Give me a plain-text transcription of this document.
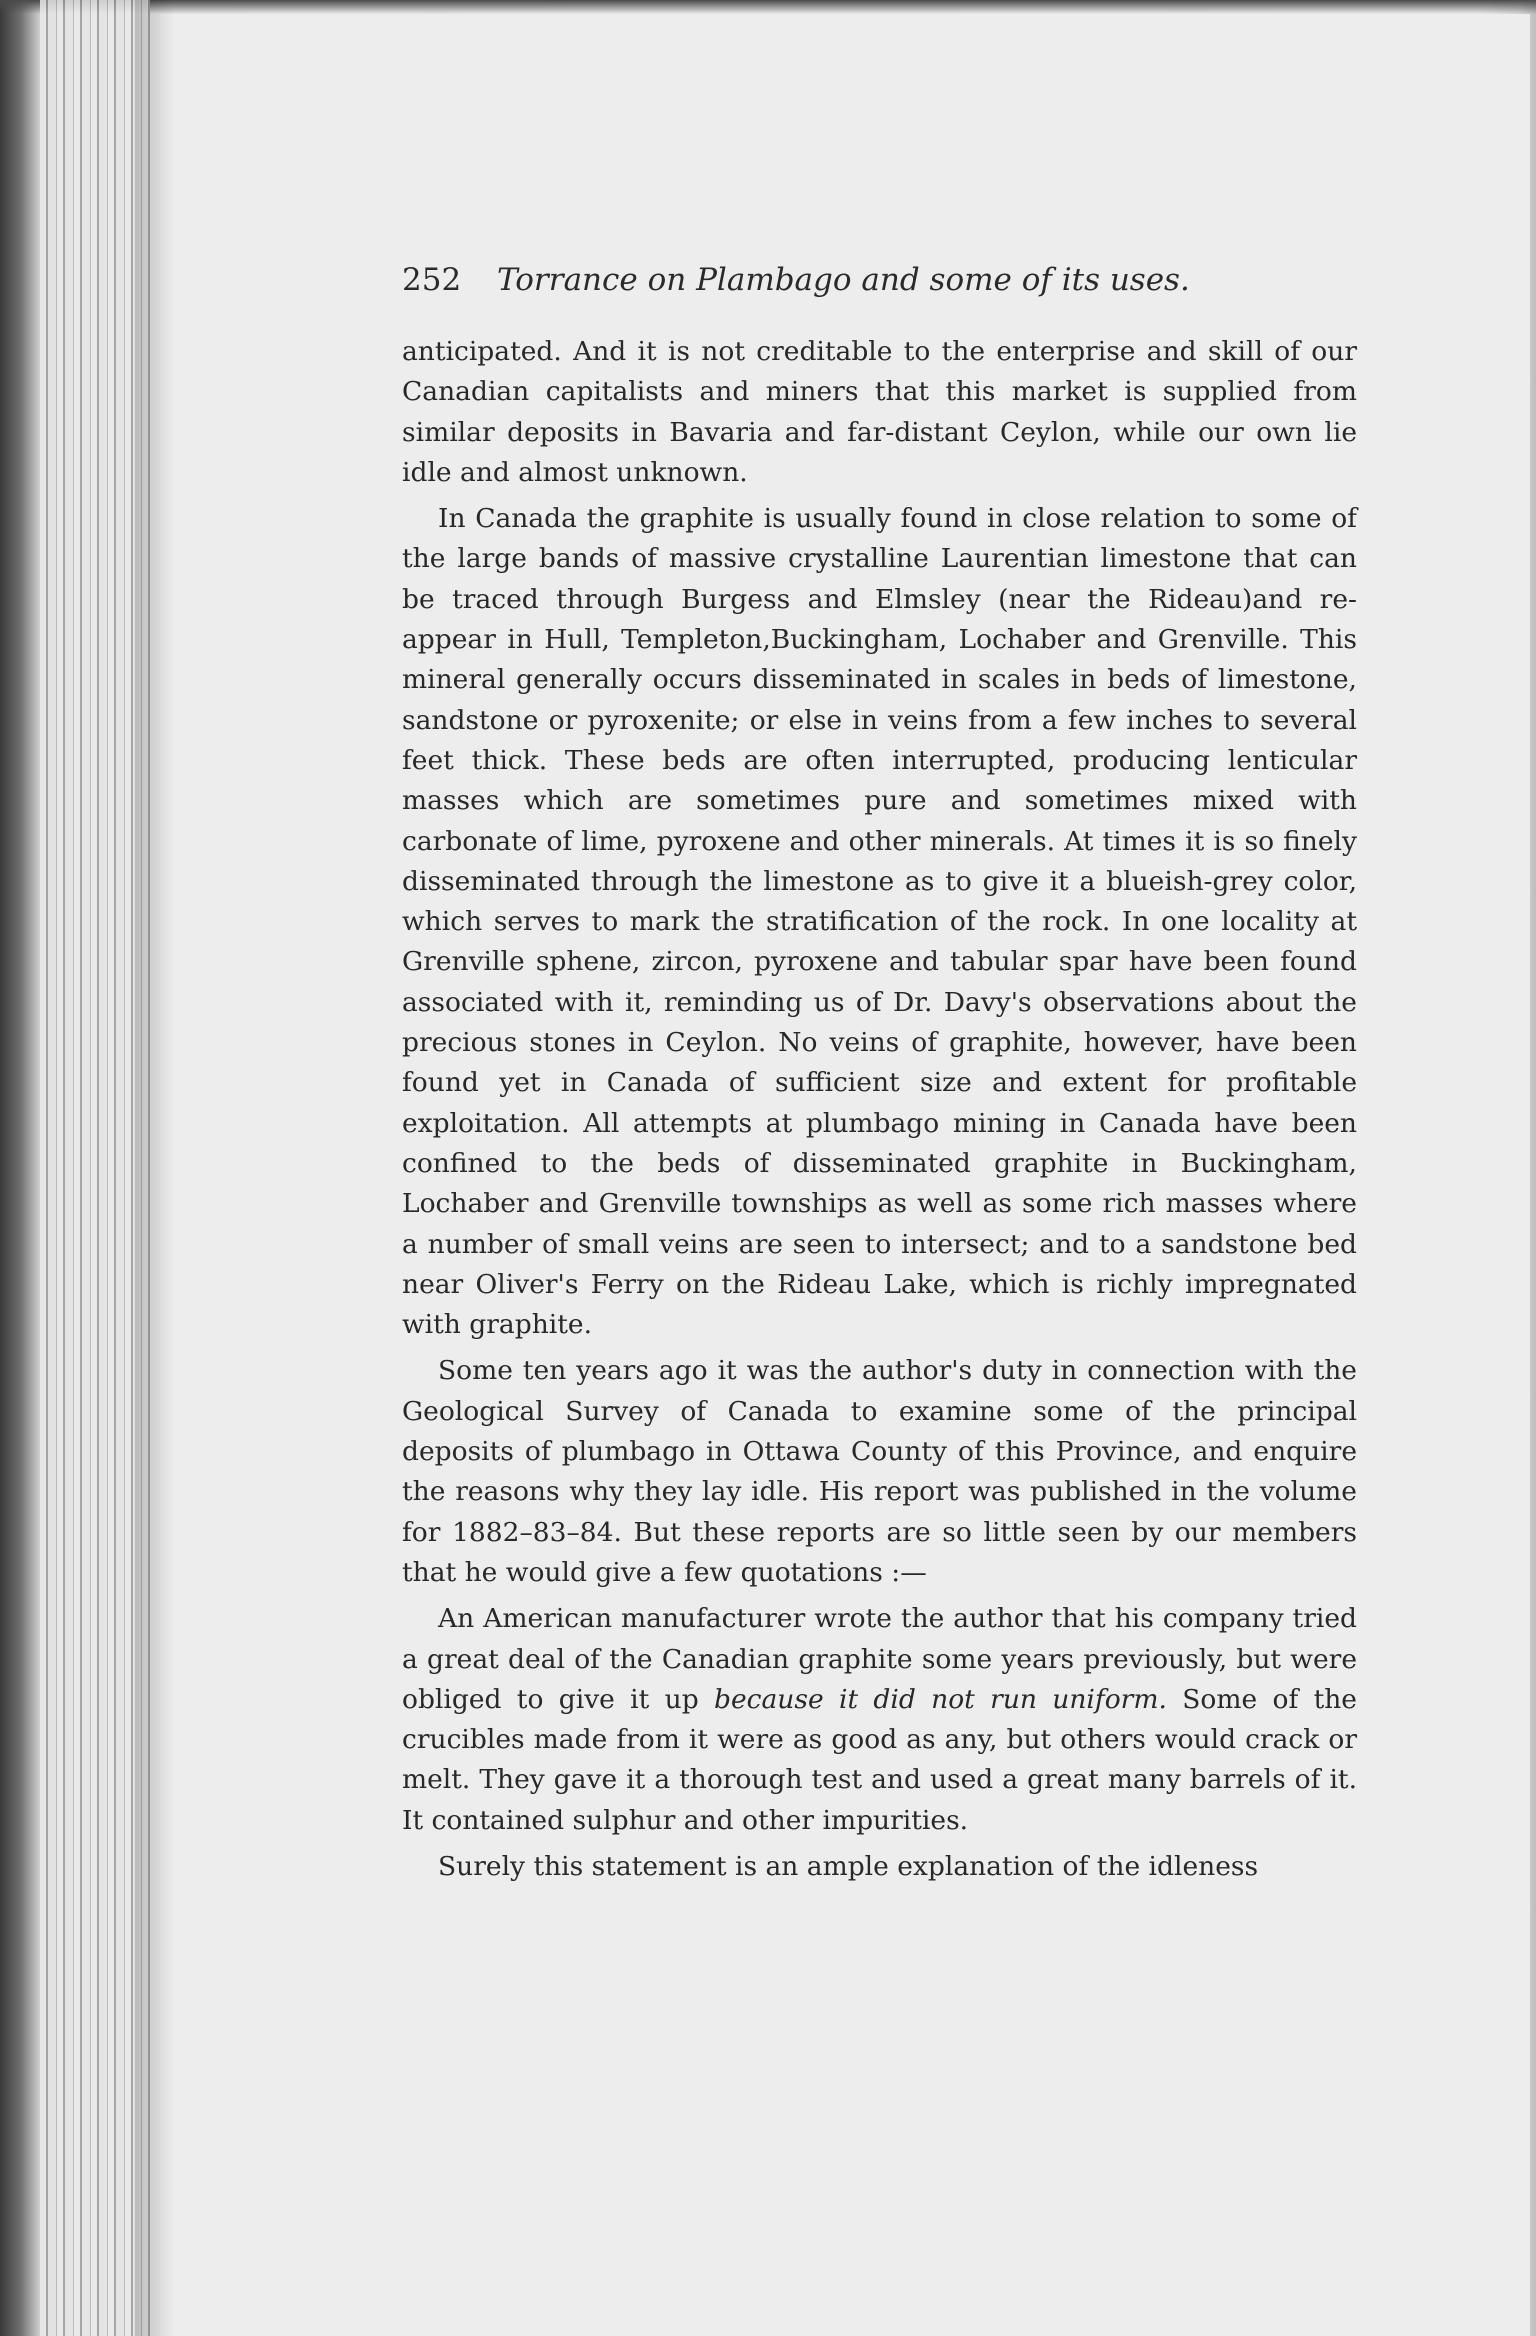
252	Torrance on Plambago and some of its uses.

anticipated. And it is not creditable to the enterprise and skill of our Canadian capitalists and miners that this market is supplied from similar deposits in Bavaria and far-distant Ceylon, while our own lie idle and almost unknown.

In Canada the graphite is usually found in close relation to some of the large bands of massive crystalline Laurentian limestone that can be traced through Burgess and Elmsley (near the Rideau)and re-appear in Hull, Templeton,Buckingham, Lochaber and Grenville. This mineral generally occurs disseminated in scales in beds of limestone, sandstone or pyroxenite; or else in veins from a few inches to several feet thick. These beds are often interrupted, producing lenticular masses which are sometimes pure and sometimes mixed with carbonate of lime, pyroxene and other minerals. At times it is so finely disseminated through the limestone as to give it a blueish-grey color, which serves to mark the stratification of the rock. In one locality at Grenville sphene, zircon, pyroxene and tabular spar have been found associated with it, reminding us of Dr. Davy's observations about the precious stones in Ceylon. No veins of graphite, however, have been found yet in Canada of sufficient size and extent for profitable exploitation. All attempts at plumbago mining in Canada have been confined to the beds of disseminated graphite in Buckingham, Lochaber and Grenville townships as well as some rich masses where a number of small veins are seen to intersect; and to a sandstone bed near Oliver's Ferry on the Rideau Lake, which is richly impregnated with graphite.

Some ten years ago it was the author's duty in connection with the Geological Survey of Canada to examine some of the principal deposits of plumbago in Ottawa County of this Province, and enquire the reasons why they lay idle. His report was published in the volume for 1882–83–84. But these reports are so little seen by our members that he would give a few quotations :—

An American manufacturer wrote the author that his company tried a great deal of the Canadian graphite some years previously, but were obliged to give it up because it did not run uniform. Some of the crucibles made from it were as good as any, but others would crack or melt. They gave it a thorough test and used a great many barrels of it. It contained sulphur and other impurities.

Surely this statement is an ample explanation of the idleness
